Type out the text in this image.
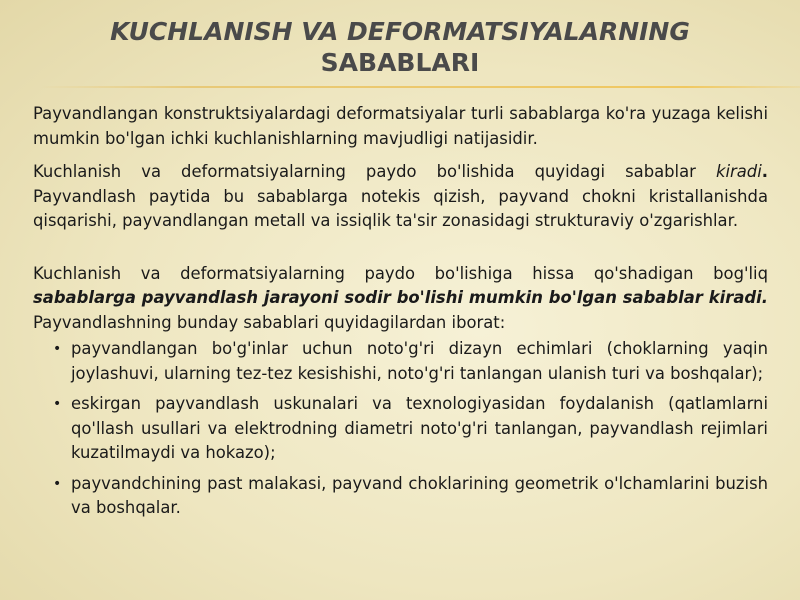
KUCHLANISH VA DEFORMATSIYALARNING
SABABLARI

Payvandlangan konstruktsiyalardagi deformatsiyalar turli sabablarga ko'ra yuzaga kelishi mumkin bo'lgan ichki kuchlanishlarning mavjudligi natijasidir.

Kuchlanish va deformatsiyalarning paydo bo'lishida quyidagi sabablar kiradi. Payvandlash paytida bu sabablarga notekis qizish, payvand chokni kristallanishda qisqarishi, payvandlangan metall va issiqlik ta'sir zonasidagi strukturaviy o'zgarishlar.

Kuchlanish va deformatsiyalarning paydo bo'lishiga hissa qo'shadigan bog'liq sabablarga payvandlash jarayoni sodir bo'lishi mumkin bo'lgan sabablar kiradi. Payvandlashning bunday sabablari quyidagilardan iborat:

• payvandlangan bo'g'inlar uchun noto'g'ri dizayn echimlari (choklarning yaqin joylashuvi, ularning tez-tez kesishishi, noto'g'ri tanlangan ulanish turi va boshqalar);
• eskirgan payvandlash uskunalari va texnologiyasidan foydalanish (qatlamlarni qo'llash usullari va elektrodning diametri noto'g'ri tanlangan, payvandlash rejimlari kuzatilmaydi va hokazo);
• payvandchining past malakasi, payvand choklarining geometrik o'lchamlarini buzish va boshqalar.
